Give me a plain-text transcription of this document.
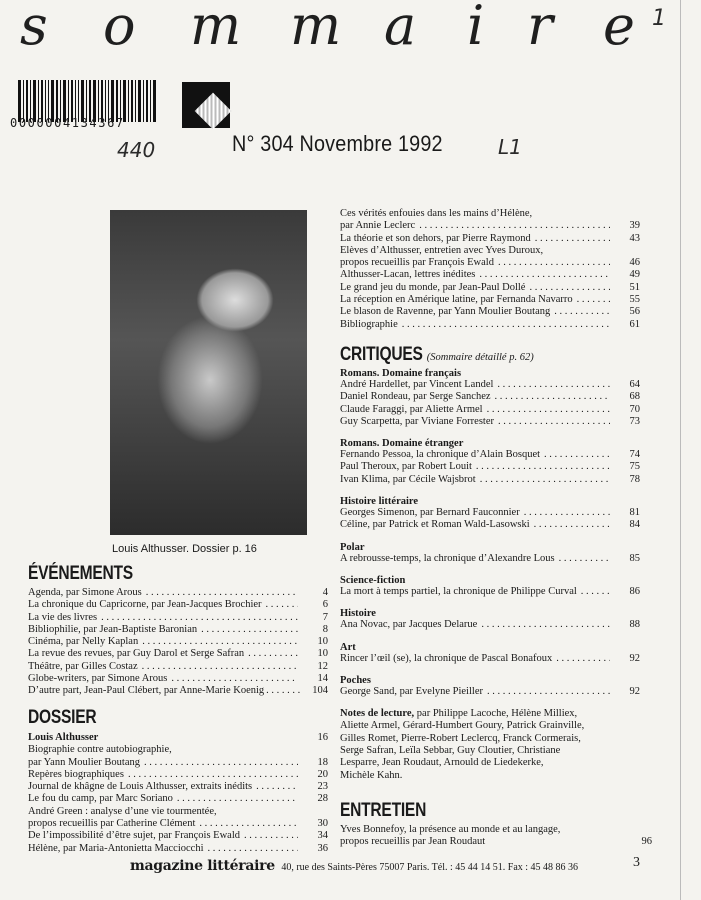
s o m m a i r e 1
0000004134367
440	N° 304 Novembre 1992	L1
Louis Althusser. Dossier p. 16
Ces vérités enfouies dans les mains d’Hélène,
par Annie Leclerc . . .	39
La théorie et son dehors, par Pierre Raymond . . .	43
Elèves d’Althusser, entretien avec Yves Duroux,
propos recueillis par François Ewald . . .	46
Althusser-Lacan, lettres inédites . . .	49
Le grand jeu du monde, par Jean-Paul Dollé . . .	51
La réception en Amérique latine, par Fernanda Navarro . . .	55
Le blason de Ravenne, par Yann Moulier Boutang . . .	56
Bibliographie . . .	61
CRITIQUES (Sommaire détaillé p. 62)
Romans. Domaine français
André Hardellet, par Vincent Landel . . .	64
Daniel Rondeau, par Serge Sanchez . . .	68
Claude Faraggi, par Aliette Armel . . .	70
Guy Scarpetta, par Viviane Forrester . . .	73
Romans. Domaine étranger
Fernando Pessoa, la chronique d’Alain Bosquet . . .	74
Paul Theroux, par Robert Louit . . .	75
Ivan Klima, par Cécile Wajsbrot . . .	78
Histoire littéraire
Georges Simenon, par Bernard Fauconnier . . .	81
Céline, par Patrick et Roman Wald-Lasowski . . .	84
Polar
A rebrousse-temps, la chronique d’Alexandre Lous . . .	85
Science-fiction
La mort à temps partiel, la chronique de Philippe Curval . . .	86
Histoire
Ana Novac, par Jacques Delarue . . .	88
Art
Rincer l’œil (se), la chronique de Pascal Bonafoux . . .	92
Poches
George Sand, par Evelyne Pieiller . . .	92
Notes de lecture, par Philippe Lacoche, Hélène Milliex,
Aliette Armel, Gérard-Humbert Goury, Patrick Grainville,
Gilles Romet, Pierre-Robert Leclercq, Franck Cormerais,
Serge Safran, Leïla Sebbar, Guy Cloutier, Christiane
Lesparre, Jean Roudaut, Arnould de Liedekerke,
Michèle Kahn.
ENTRETIEN
Yves Bonnefoy, la présence au monde et au langage,
propos recueillis par Jean Roudaut	96
ÉVÉNEMENTS
Agenda, par Simone Arous . . .	4
La chronique du Capricorne, par Jean-Jacques Brochier . . .	6
La vie des livres . . .	7
Bibliophilie, par Jean-Baptiste Baronian . . .	8
Cinéma, par Nelly Kaplan . . .	10
La revue des revues, par Guy Darol et Serge Safran . . .	10
Théâtre, par Gilles Costaz . . .	12
Globe-writers, par Simone Arous . . .	14
D’autre part, Jean-Paul Clébert, par Anne-Marie Koenig . . .	104
DOSSIER
Louis Althusser	16
Biographie contre autobiographie,
par Yann Moulier Boutang . . .	18
Repères biographiques . . .	20
Journal de khâgne de Louis Althusser, extraits inédits . . .	23
Le fou du camp, par Marc Soriano . . .	28
André Green : analyse d’une vie tourmentée,
propos recueillis par Catherine Clément . . .	30
De l’impossibilité d’être sujet, par François Ewald . . .	34
Hélène, par Maria-Antonietta Macciocchi . . .	36
magazine littéraire 40, rue des Saints-Pères 75007 Paris. Tél. : 45 44 14 51. Fax : 45 48 86 36	3
